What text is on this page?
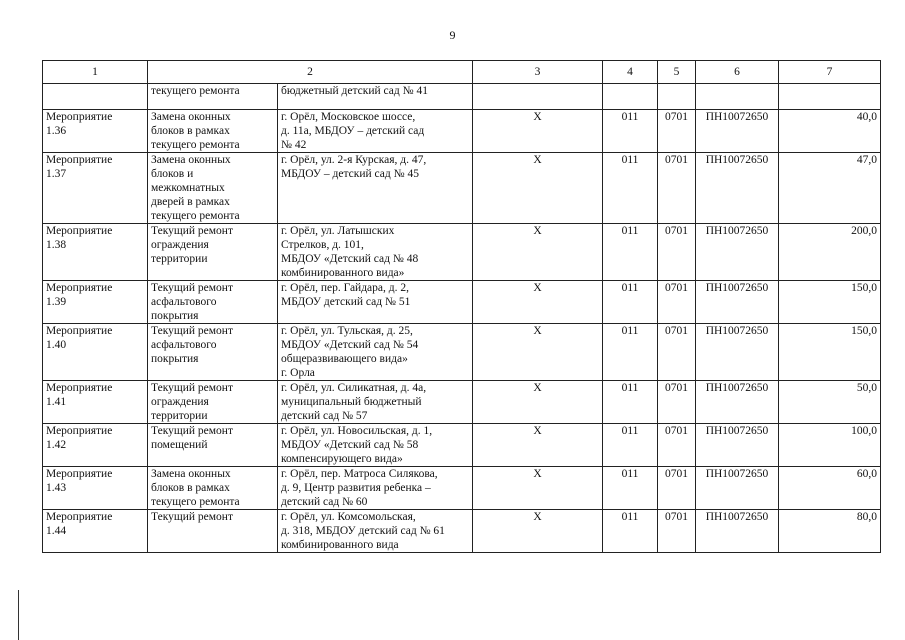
9
1	2		3	4	5	6	7

	текущего ремонта	бюджетный детский сад № 41					

Мероприятие
1.36	Замена оконных
блоков в рамках
текущего ремонта	г. Орёл, Московское шоссе,
д. 11а, МБДОУ – детский сад
№ 42	Х	011	0701	ПН10072650	40,0

Мероприятие
1.37	Замена оконных
блоков и
межкомнатных
дверей в рамках
текущего ремонта	г. Орёл, ул. 2-я Курская, д. 47,
МБДОУ – детский сад № 45	Х	011	0701	ПН10072650	47,0

Мероприятие
1.38	Текущий ремонт
ограждения
территории	г. Орёл, ул. Латышских
Стрелков, д. 101,
МБДОУ «Детский сад № 48
комбинированного вида»	Х	011	0701	ПН10072650	200,0

Мероприятие
1.39	Текущий ремонт
асфальтового
покрытия	г. Орёл, пер. Гайдара, д. 2,
МБДОУ детский сад № 51	Х	011	0701	ПН10072650	150,0

Мероприятие
1.40	Текущий ремонт
асфальтового
покрытия	г. Орёл, ул. Тульская, д. 25,
МБДОУ «Детский сад № 54
общеразвивающего вида»
г. Орла	Х	011	0701	ПН10072650	150,0

Мероприятие
1.41	Текущий ремонт
ограждения
территории	г. Орёл, ул. Силикатная, д. 4а,
муниципальный бюджетный
детский сад № 57	Х	011	0701	ПН10072650	50,0

Мероприятие
1.42	Текущий ремонт
помещений	г. Орёл, ул. Новосильская, д. 1,
МБДОУ «Детский сад № 58
компенсирующего вида»	Х	011	0701	ПН10072650	100,0

Мероприятие
1.43	Замена оконных
блоков в рамках
текущего ремонта	г. Орёл, пер. Матроса Силякова,
д. 9, Центр развития ребенка –
детский сад № 60	Х	011	0701	ПН10072650	60,0

Мероприятие
1.44	Текущий ремонт	г. Орёл, ул. Комсомольская,
д. 318, МБДОУ детский сад № 61
комбинированного вида	Х	011	0701	ПН10072650	80,0
